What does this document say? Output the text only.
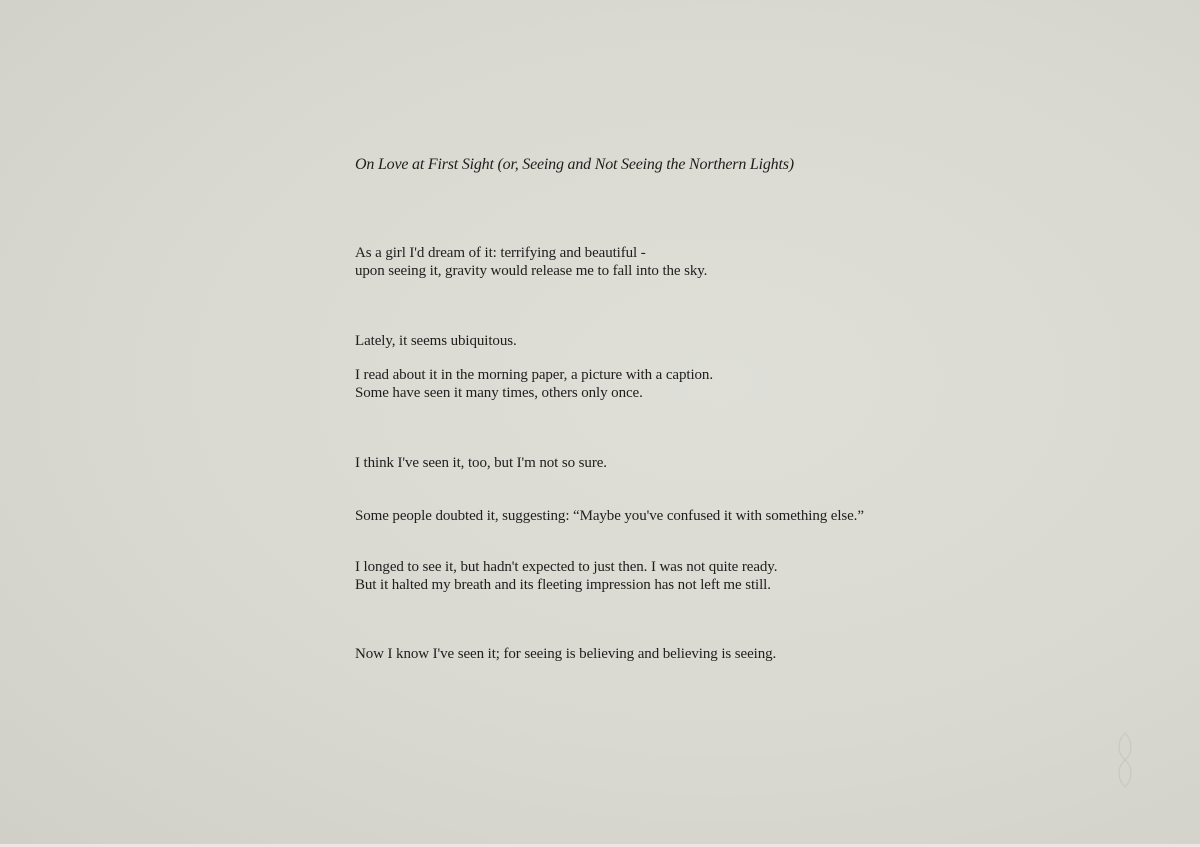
On Love at First Sight (or, Seeing and Not Seeing the Northern Lights)

As a girl I'd dream of it: terrifying and beautiful -
upon seeing it, gravity would release me to fall into the sky.

Lately, it seems ubiquitous.

I read about it in the morning paper, a picture with a caption.
Some have seen it many times, others only once.

I think I've seen it, too, but I'm not so sure.

Some people doubted it, suggesting: “Maybe you've confused it with something else.”

I longed to see it, but hadn't expected to just then. I was not quite ready.
But it halted my breath and its fleeting impression has not left me still.

Now I know I've seen it; for seeing is believing and believing is seeing.
